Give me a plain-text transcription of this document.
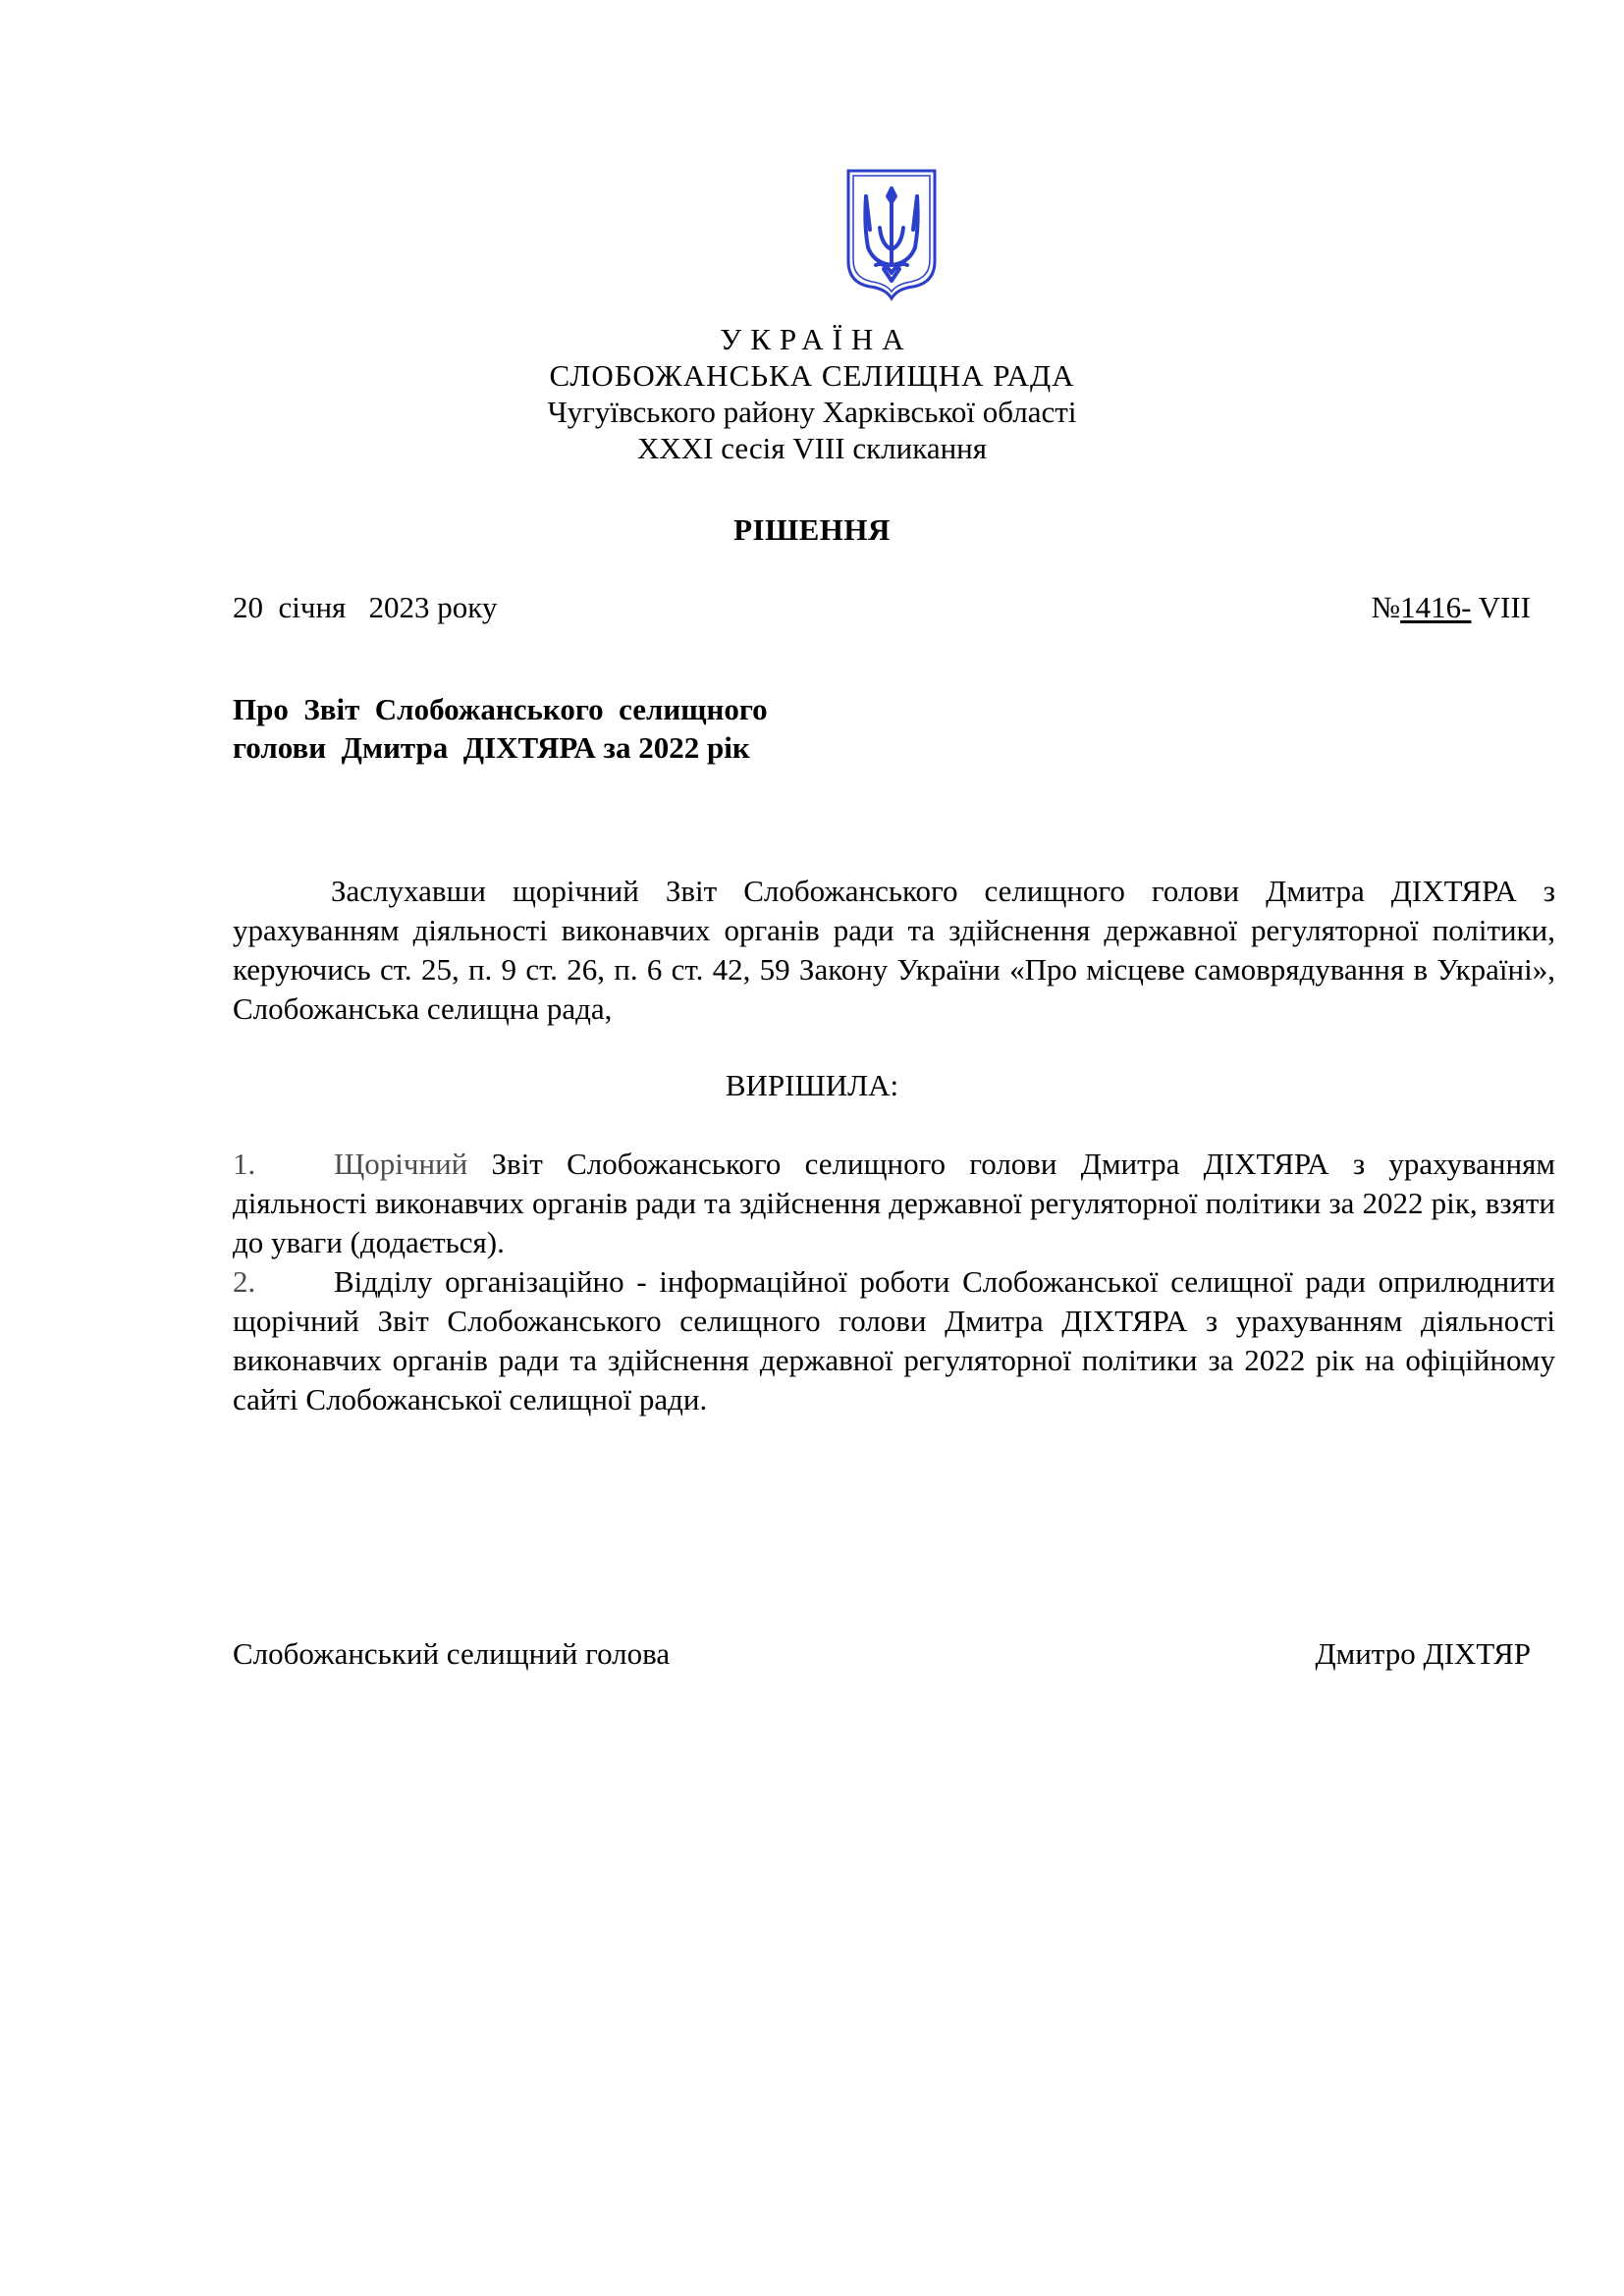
УКРАЇНА
СЛОБОЖАНСЬКА СЕЛИЩНА РАДА
Чугуївського району Харківської області
XXXI сесія VIII скликання
РІШЕННЯ
20  січня   2023 року	№1416- VIII
Про  Звіт  Слобожанського  селищного
голови  Дмитра  ДІХТЯРА за 2022 рік
Заслухавши щорічний Звіт Слобожанського селищного голови Дмитра ДІХТЯРА з урахуванням діяльності виконавчих органів ради та здійснення державної регуляторної політики, керуючись ст. 25, п. 9 ст. 26, п. 6 ст. 42, 59 Закону України «Про місцеве самоврядування в Україні», Слобожанська селищна рада,
ВИРІШИЛА:
1.	Щорічний Звіт Слобожанського селищного голови Дмитра ДІХТЯРА з урахуванням діяльності виконавчих органів ради та здійснення державної регуляторної політики за 2022 рік, взяти до уваги (додається).
2.	Відділу організаційно - інформаційної роботи Слобожанської селищної ради оприлюднити щорічний Звіт Слобожанського селищного голови Дмитра ДІХТЯРА з урахуванням діяльності виконавчих органів ради та здійснення державної регуляторної політики за 2022 рік на офіційному сайті Слобожанської селищної ради.
Слобожанський селищний голова	Дмитро ДІХТЯР
